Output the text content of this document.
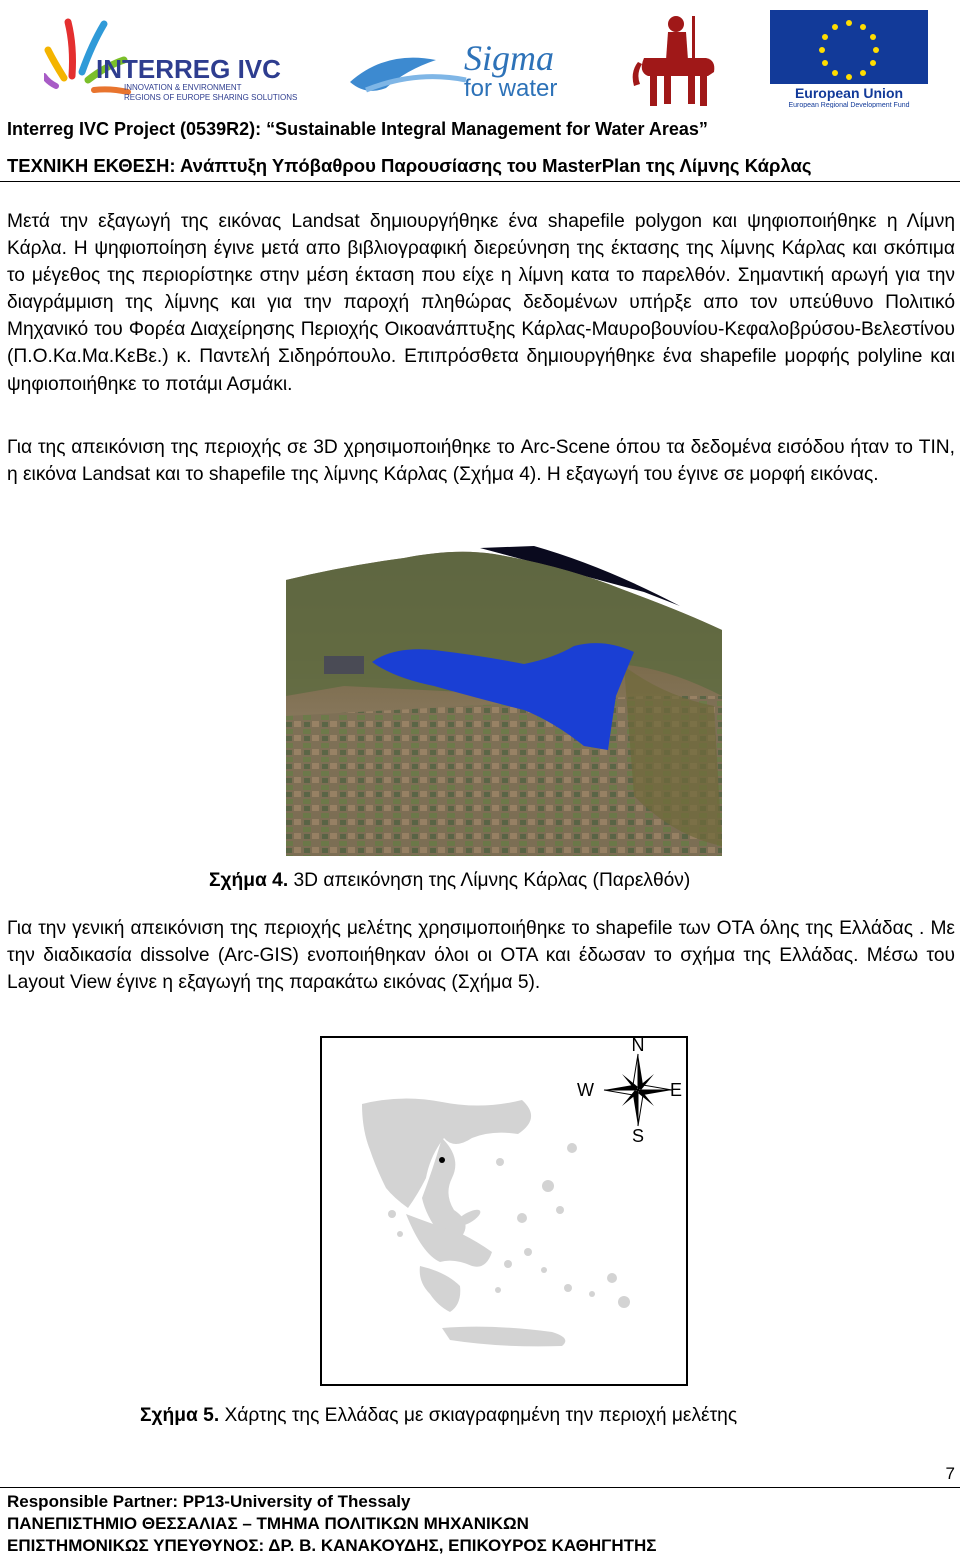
INTERREG IVC
INNOVATION & ENVIRONMENT
REGIONS OF EUROPE SHARING SOLUTIONS
Sigma
for water	European Union
European Regional Development Fund
Interreg IVC Project (0539R2): “Sustainable Integral Management for Water Areas”
ΤΕΧΝΙΚΗ ΕΚΘΕΣΗ: Ανάπτυξη Υπόβαθρου Παρουσίασης του MasterPlan της Λίμνης Κάρλας
Μετά την εξαγωγή της εικόνας Landsat δημιουργήθηκε ένα shapefile polygon και ψηφιοποιήθηκε η Λίμνη Κάρλα. Η ψηφιοποίηση έγινε μετά απο βιβλιογραφική διερεύνηση της έκτασης της λίμνης Κάρλας και σκόπιμα το μέγεθος της περιορίστηκε στην μέση έκταση που είχε η λίμνη κατα το παρελθόν. Σημαντική αρωγή για την διαγράμμιση της λίμνης και για την παροχή πληθώρας δεδομένων υπήρξε απο τον υπεύθυνο Πολιτικό Μηχανικό του Φορέα Διαχείρησης Περιοχής Οικοανάπτυξης Κάρλας-Μαυροβουνίου-Κεφαλοβρύσου-Βελεστίνου (Π.Ο.Κα.Μα.ΚεΒε.) κ. Παντελή Σιδηρόπουλο. Επιπρόσθετα δημιουργήθηκε ένα shapefile μορφής polyline και ψηφιοποιήθηκε το ποτάμι Ασμάκι.
Για της απεικόνιση της περιοχής σε 3D χρησιμοποιήθηκε το Arc-Scene όπου τα δεδομένα εισόδου ήταν το TIN, η εικόνα Landsat και το shapefile της λίμνης Κάρλας (Σχήμα 4). Η εξαγωγή του έγινε σε μορφή εικόνας.
Σχήμα 4. 3D απεικόνηση της Λίμνης Κάρλας (Παρελθόν)
Για την γενική απεικόνιση της περιοχής μελέτης χρησιμοποιήθηκε το shapefile των ΟΤΑ όλης της Ελλάδας . Με την διαδικασία dissolve (Arc-GIS) ενοποιήθηκαν όλοι οι ΟΤΑ και έδωσαν το σχήμα της Ελλάδας. Μέσω του Layout View έγινε η εξαγωγή της παρακάτω εικόνας (Σχήμα 5).
N
S
E
W
Σχήμα 5. Χάρτης της Ελλάδας με σκιαγραφημένη την περιοχή μελέτης
7
Responsible Partner: PP13-University of Thessaly
ΠΑΝΕΠΙΣΤΗΜΙΟ ΘΕΣΣΑΛΙΑΣ – ΤΜΗΜΑ ΠΟΛΙΤΙΚΩΝ ΜΗΧΑΝΙΚΩΝ
ΕΠΙΣΤΗΜΟΝΙΚΩΣ ΥΠΕΥΘΥΝΟΣ: ΔΡ. Β. ΚΑΝΑΚΟΥΔΗΣ, ΕΠΙΚΟΥΡΟΣ ΚΑΘΗΓΗΤΗΣ
